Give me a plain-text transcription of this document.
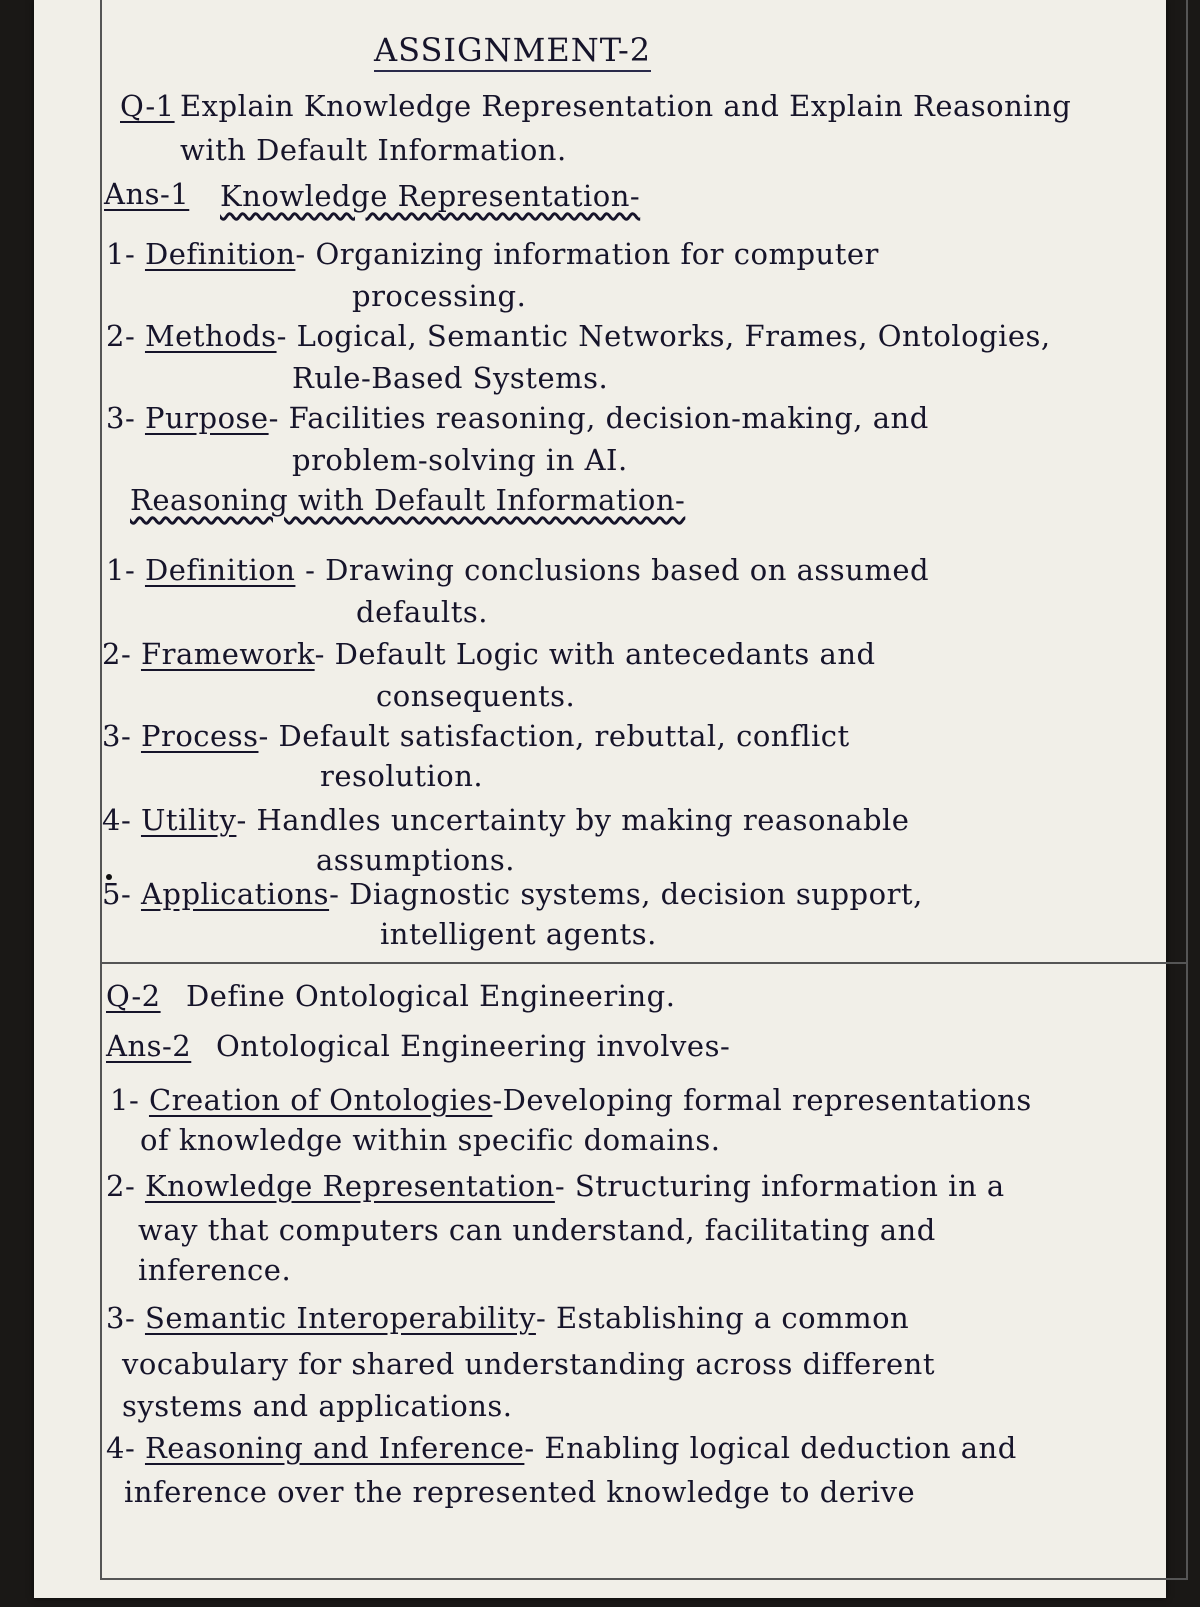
ASSIGNMENT-2
Q-1 Explain Knowledge Representation and Explain Reasoning
with Default Information.
Ans-1 Knowledge Representation-
1- Definition- Organizing information for computer
processing.
2- Methods- Logical, Semantic Networks, Frames, Ontologies,
Rule-Based Systems.
3- Purpose- Facilities reasoning, decision-making, and
problem-solving in AI.
Reasoning with Default Information-
1- Definition - Drawing conclusions based on assumed
defaults.
2- Framework- Default Logic with antecedants and
consequents.
3- Process- Default satisfaction, rebuttal, conflict
resolution.
4- Utility- Handles uncertainty by making reasonable
assumptions.
5- Applications- Diagnostic systems, decision support,
intelligent agents.
Q-2 Define Ontological Engineering.
Ans-2 Ontological Engineering involves-
1- Creation of Ontologies-Developing formal representations
of knowledge within specific domains.
2- Knowledge Representation- Structuring information in a
way that computers can understand, facilitating and
inference.
3- Semantic Interoperability- Establishing a common
vocabulary for shared understanding across different
systems and applications.
4- Reasoning and Inference- Enabling logical deduction and
inference over the represented knowledge to derive
